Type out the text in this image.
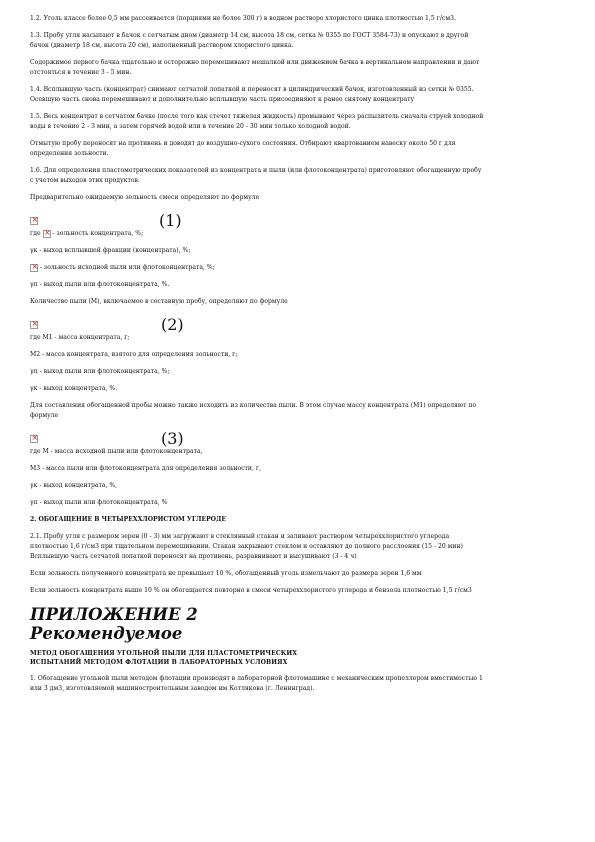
1.2. Уголь классе более 0,5 мм рассеивается (порциями не более 300 г) в водном растворе хлористого цинка плотностью 1,5 г/см3.

1.3. Пробу угля насыпают в бачок с сетчатым дном (диаметр 14 см, высота 18 см, сетка № 0355 по ГОСТ 3584-73) и опускают в другой

бачок (диаметр 18 см, высота 20 см), наполненный раствором хлористого цинка.

Содержимое первого бачка тщательно и осторожно перемешивают мешалкой или движением бачка в вертикальном направлении и дают

отстояться в течение 3 - 5 мин.

1.4. Всплывшую часть (концентрат) снимают сетчатой лопаткой и переносят в цилиндрический бачок, изготовленный из сетки № 0355.

Осевшую часть снова перемешивают и дополнительно всплывшую часть присоединяют к ранее снятому концентрату

1.5. Весь концентрат в сетчатом бачке (после того как стечет тяжелая жидкость) промывают через распылитель сначала струей холодной

воды в течение 2 - 3 мин, а затем горячей водой или в течение 20 - 30 мин только холодной водой.

Отмытую пробу переносят на противень и доводят до воздушно-сухого состояния. Отбирают квартованием навеску около 50 г для

определения зольности.

1.6. Для определения пластометрических показателей из концентрата и пыли (или флотоконцентрата) приготовляют обогащенную пробу

с учетом выходов этих продуктов.

Предварительно ожидаемую зольность смеси определяют по формуле

×
(1)

где × - зольность концентрата, %;

γк - выход всплывшей фракции (концентрата), %;

× - зольность исходной пыли или флотоконцентрата, %;

γп - выход пыли или флотоконцентрата, %.

Количество пыли (М), включаемое в составную пробу, определяют по формуле

×
(2)

где М1 - масса концентрата, г;

М2 - масса концентрата, взятого для определения зольности, г;

γп - выход пыли или флотоконцентрата, %;

γк - выход концентрата, %.

Для составления обогащенной пробы можно также исходить из количества пыли. В этом случае массу концентрата (М1) определяют по

формуле

×
(3)

где М - масса исходной пыли или флотоконцентрата,

М3 - масса пыли или флотоконцентрата для определения зольности, г,

γк - выход концентрата, %,

γп - выход пыли или флотоконцентрата, %

2. ОБОГАЩЕНИЕ В ЧЕТЫРЕХХЛОРИСТОМ УГЛЕРОДЕ

2.1. Пробу угля с размером зерен (0 - 3) мм загружают в стеклянный стакан и заливают раствором четыреххлористого углерода

плотностью 1,6 г/см3 при тщательном перемешивании. Стакан закрывают стеклом и оставляют до полного расслоения (15 - 20 мин)

Всплывшую часть сетчатой лопаткой переносят на противень, разравнивают и высушивают (3 - 4 ч)

Если зольность полученного концентрата не превышает 10 %, обогащенный уголь измельчают до размера зерен 1,6 мм

Если зольность концентрата выше 10 % он обогащается повторно в смеси четыреххлористого углерода и бензола плотностью 1,5 г/см3

ПРИЛОЖЕНИЕ 2
Рекомендуемое

МЕТОД ОБОГАЩЕНИЯ УГОЛЬНОЙ ПЫЛИ ДЛЯ ПЛАСТОМЕТРИЧЕСКИХ

ИСПЫТАНИЙ МЕТОДОМ ФЛОТАЦИИ В ЛАБОРАТОРНЫХ УСЛОВИЯХ

1. Обогащение угольной пыли методом флотации производят в лабораторной флотомашине с механическим пропеллером вместимостью 1

или 3 дм3, изготовляемой машиностроительным заводом им Котлякова (г. Ленинград).
